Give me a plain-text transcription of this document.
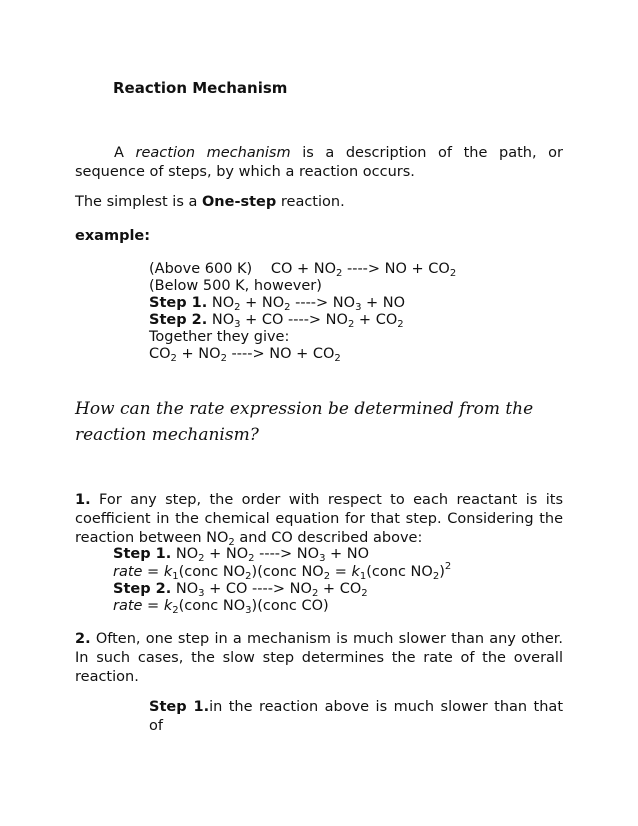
Reaction Mechanism
A reaction mechanism is a description of the path, or sequence of steps, by which a reaction occurs.
The simplest is a One-step reaction.
example:
(Above 600 K) CO + $NO_2$ ----> NO + $CO_2$
(Below 500 K, however)
Step 1. $NO_2 + NO_2$ ----> $NO_3$ + NO
Step 2. $NO_3$ + CO ----> $NO_2 + CO_2$
Together they give:
$CO_2 + NO_2$ ----> NO + $CO_2$
How can the rate expression be determined from the reaction mechanism?
1. For any step, the order with respect to each reactant is its coefficient in the chemical equation for that step. Considering the reaction between $NO_2$ and CO described above:
Step 1. $NO_2 + NO_2$ ----> $NO_3$ + NO
rate = $k_1(conc$ $NO_2)(conc$ $NO_2$ = $k_1(conc$ $NO_2)^2$
Step 2. $NO_3$ + CO ----> $NO_2 + CO_2$
rate = $k_2(conc$ $NO_3)(conc$ CO)
2. Often, one step in a mechanism is much slower than any other. In such cases, the slow step determines the rate of the overall reaction.
Step 1.in the reaction above is much slower than that of
